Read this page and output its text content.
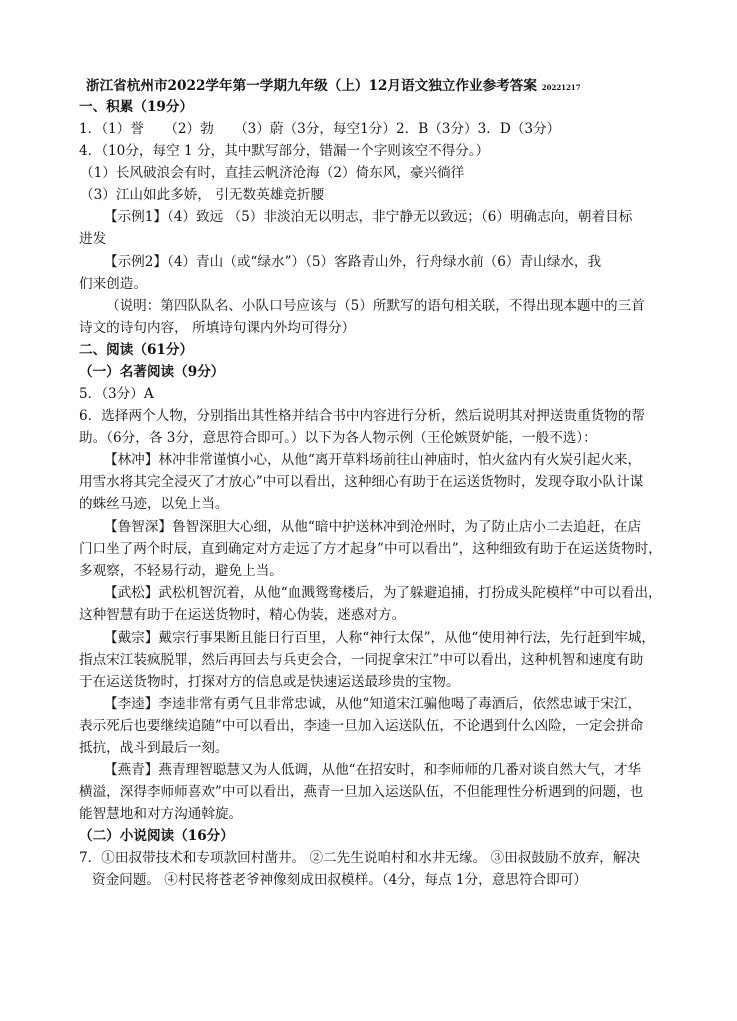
浙江省杭州市2022学年第一学期九年级（上）12月语文独立作业参考答案 20221217
一、积累（19分）
1．（1）誉　　（2）勃　　（3）蔚（3分，每空1分）2．B（3分）3．D（3分）
4．（10分，每空 1 分，其中默写部分，错漏一个字则该空不得分。）
（1）长风破浪会有时，直挂云帆济沧海（2）倚东风，豪兴徜徉
（3）江山如此多娇， 引无数英雄竞折腰
【示例1】（4）致远 （5）非淡泊无以明志，非宁静无以致远；（6）明确志向，朝着目标
进发
【示例2】（4）青山（或“绿水”）（5）客路青山外，行舟绿水前（6）青山绿水，我
们来创造。
（说明：第四队队名、小队口号应该与（5）所默写的语句相关联，不得出现本题中的三首
诗文的诗句内容， 所填诗句课内外均可得分）
二、阅读（61分）
（一）名著阅读（9分）
5．（3分）A
6．选择两个人物，分别指出其性格并结合书中内容进行分析，然后说明其对押送贵重货物的帮
助。（6分，各 3分，意思符合即可。）以下为各人物示例（王伦嫉贤妒能，一般不选）：
【林冲】林冲非常谨慎小心，从他“离开草料场前往山神庙时，怕火盆内有火炭引起火来，
用雪水将其完全浸灭了才放心”中可以看出，这种细心有助于在运送货物时，发现夺取小队计谋
的蛛丝马迹，以免上当。
【鲁智深】鲁智深胆大心细，从他“暗中护送林冲到沧州时，为了防止店小二去追赶，在店
门口坐了两个时辰，直到确定对方走远了方才起身”中可以看出”，这种细致有助于在运送货物时，
多观察，不轻易行动，避免上当。
【武松】武松机智沉着，从他“血溅鸳鸯楼后，为了躲避追捕，打扮成头陀模样”中可以看出，
这种智慧有助于在运送货物时，精心伪装，迷惑对方。
【戴宗】戴宗行事果断且能日行百里，人称“神行太保”，从他“使用神行法，先行赶到牢城，
指点宋江装疯脱罪，然后再回去与兵吏会合，一同捉拿宋江”中可以看出，这种机智和速度有助
于在运送货物时，打探对方的信息或是快速运送最珍贵的宝物。
【李逵】李逵非常有勇气且非常忠诚，从他“知道宋江骗他喝了毒酒后，依然忠诚于宋江，
表示死后也要继续追随”中可以看出，李逵一旦加入运送队伍，不论遇到什么凶险，一定会拼命
抵抗，战斗到最后一刻。
【燕青】燕青理智聪慧又为人低调，从他“在招安时，和李师师的几番对谈自然大气，才华
横溢，深得李师师喜欢”中可以看出，燕青一旦加入运送队伍，不但能理性分析遇到的问题，也
能智慧地和对方沟通斡旋。
（二）小说阅读（16分）
7．①田叔带技术和专项款回村凿井。 ②二先生说咱村和水井无缘。 ③田叔鼓励不放弃，解决
资金问题。 ④村民将苍老爷神像刻成田叔模样。（4分，每点 1分，意思符合即可）
